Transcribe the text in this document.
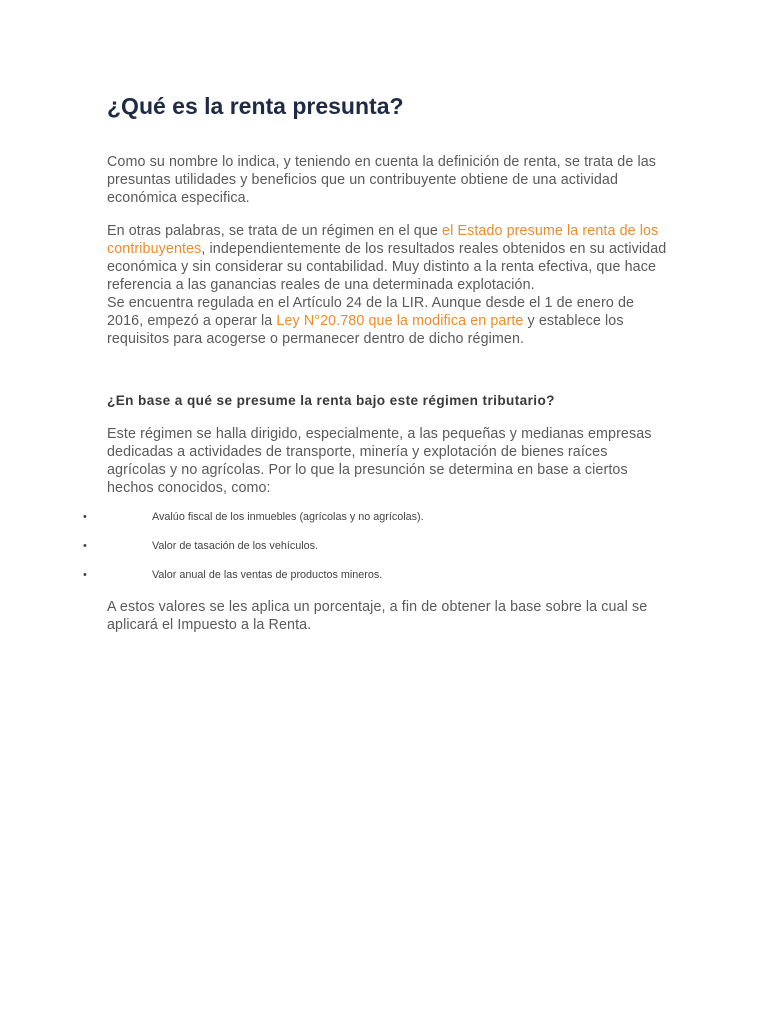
¿Qué es la renta presunta?

Como su nombre lo indica, y teniendo en cuenta la definición de renta, se trata de las presuntas utilidades y beneficios que un contribuyente obtiene de una actividad económica especifica.

En otras palabras, se trata de un régimen en el que el Estado presume la renta de los contribuyentes, independientemente de los resultados reales obtenidos en su actividad económica y sin considerar su contabilidad. Muy distinto a la renta efectiva, que hace referencia a las ganancias reales de una determinada explotación.
Se encuentra regulada en el Artículo 24 de la LIR. Aunque desde el 1 de enero de 2016, empezó a operar la Ley N°20.780 que la modifica en parte y establece los requisitos para acogerse o permanecer dentro de dicho régimen.

¿En base a qué se presume la renta bajo este régimen tributario?

Este régimen se halla dirigido, especialmente, a las pequeñas y medianas empresas dedicadas a actividades de transporte, minería y explotación de bienes raíces agrícolas y no agrícolas. Por lo que la presunción se determina en base a ciertos hechos conocidos, como:

•	Avalúo fiscal de los inmuebles (agrícolas y no agrícolas).
•	Valor de tasación de los vehículos.
•	Valor anual de las ventas de productos mineros.

A estos valores se les aplica un porcentaje, a fin de obtener la base sobre la cual se aplicará el Impuesto a la Renta.
